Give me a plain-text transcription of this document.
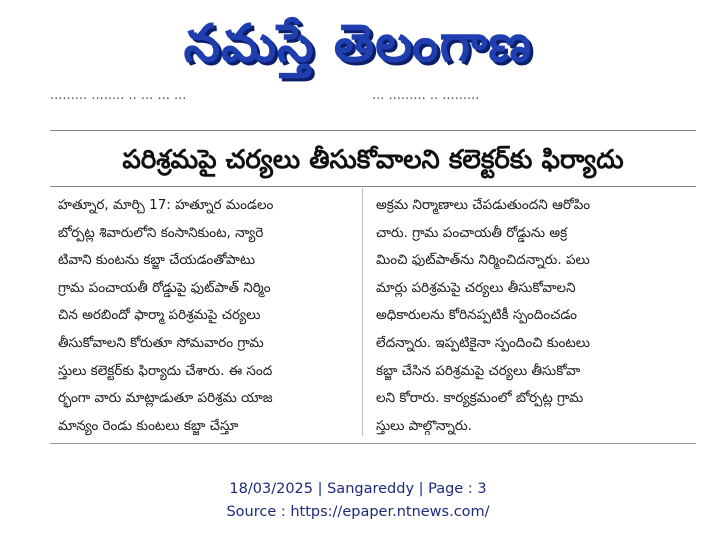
నమస్తే తెలంగాణ
......... ........ .. ... ... ...	... ......... .. .........
పరిశ్రమపై చర్యలు తీసుకోవాలని కలెక్టర్‌కు ఫిర్యాదు
హత్నూర, మార్చి 17: హత్నూర మండలం
బోర్పట్ల శివారులోని కంసానికుంట, న్యారె
టివాని కుంటను కబ్జా చేయడంతోపాటు
గ్రామ పంచాయతీ రోడ్డుపై ఫుట్‌పాత్ నిర్మిం
చిన అరబిందో ఫార్మా పరిశ్రమపై చర్యలు
తీసుకోవాలని కోరుతూ సోమవారం గ్రామ
స్తులు కలెక్టర్‌కు ఫిర్యాదు చేశారు. ఈ సంద
ర్భంగా వారు మాట్లాడుతూ పరిశ్రమ యాజ
మాన్యం రెండు కుంటలు కబ్జా చేస్తూ
అక్రమ నిర్మాణాలు చేపడుతుందని ఆరోపిం
చారు. గ్రామ పంచాయతీ రోడ్డును అక్ర
మించి ఫుట్‌పాత్‌ను నిర్మించిదన్నారు. పలు
మార్లు పరిశ్రమపై చర్యలు తీసుకోవాలని
అధికారులను కోరినప్పటికీ స్పందించడం
లేదన్నారు. ఇప్పటికైనా స్పందించి కుంటలు
కబ్జా చేసిన పరిశ్రమపై చర్యలు తీసుకోవా
లని కోరారు. కార్యక్రమంలో బోర్పట్ల గ్రామ
స్తులు పాల్గొన్నారు.
18/03/2025 | Sangareddy | Page : 3
Source : https://epaper.ntnews.com/
